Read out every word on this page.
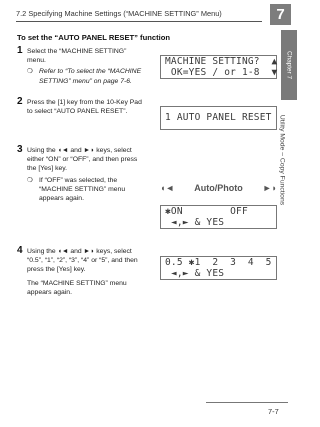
7.2 Specifying Machine Settings (“MACHINE SETTING” Menu)	7
Chapter 7
Utility Mode – Copy Functions
To set the “AUTO PANEL RESET” function
1 Select the “MACHINE SETTING” menu.
❍ Refer to “To select the “MACHINE SETTING” menu” on page 7-6.
2 Press the [1] key from the 10-Key Pad to select “AUTO PANEL RESET”.
3 Using the ◖◄ and ►◗ keys, select either “ON” or “OFF”, and then press the [Yes] key.
❍ If “OFF” was selected, the “MACHINE SETTING” menu appears again.
4 Using the ◖◄ and ►◗ keys, select “0.5”, “1”, “2”, “3”, “4” or “5”, and then press the [Yes] key.
The “MACHINE SETTING” menu appears again.
MACHINE SETTING?  ▲
OK=YES / or 1-8  ▼
1 AUTO PANEL RESET
◖◄ Auto/Photo ►◗
✱ON        OFF
◄,► & YES
0.5 ✱1  2  3  4  5
◄,► & YES
7-7
